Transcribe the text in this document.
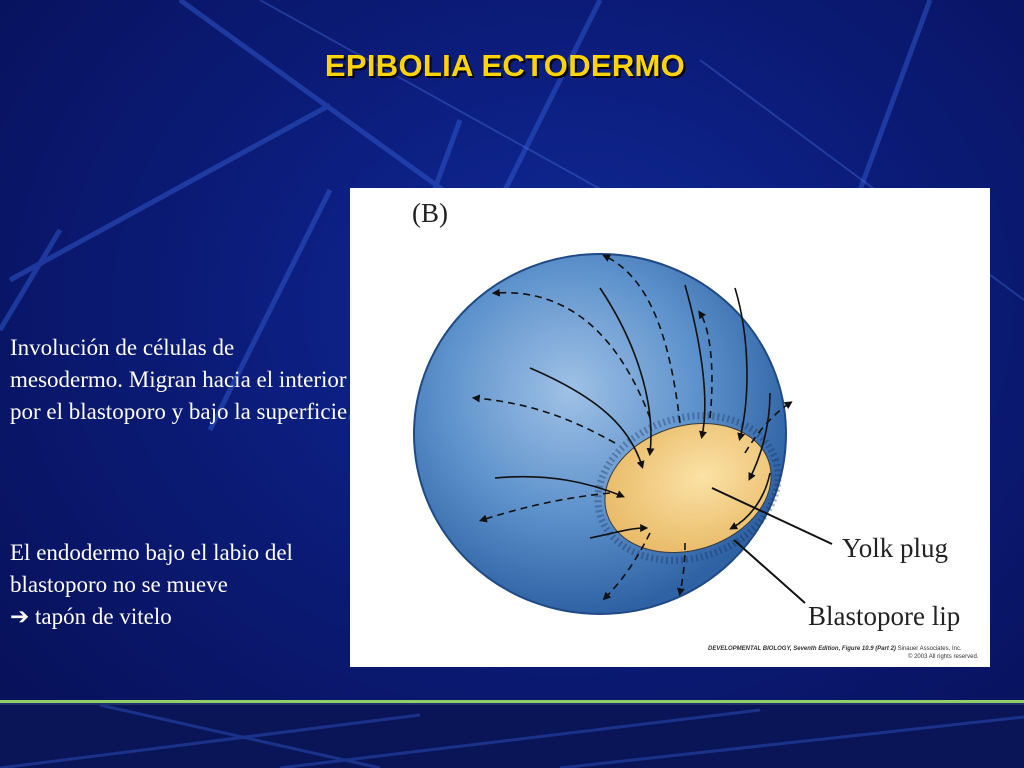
EPIBOLIA ECTODERMO
Involución de células de mesodermo. Migran hacia el interior por el blastoporo y bajo la superficie
El endodermo bajo el labio del blastoporo no se mueve
➔ tapón de vitelo
(B)
Yolk plug
Blastopore lip
DEVELOPMENTAL BIOLOGY, Seventh Edition, Figure 10.9 (Part 2) Sinauer Associates, Inc.
© 2003 All rights reserved.
